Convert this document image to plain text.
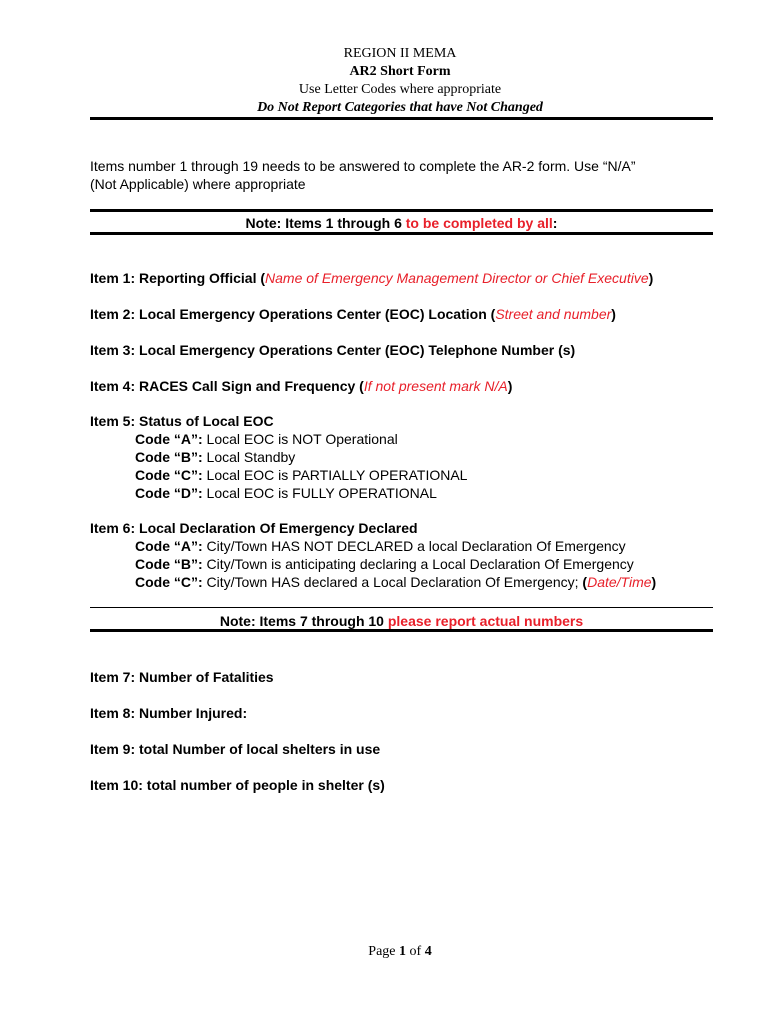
REGION II MEMA
AR2 Short Form
Use Letter Codes where appropriate
Do Not Report Categories that have Not Changed
Items number 1 through 19 needs to be answered to complete the AR-2 form. Use “N/A”
(Not Applicable) where appropriate
Note: Items 1 through 6 to be completed by all:
Item 1: Reporting Official (Name of Emergency Management Director or Chief Executive)
Item 2: Local Emergency Operations Center (EOC) Location (Street and number)
Item 3: Local Emergency Operations Center (EOC) Telephone Number (s)
Item 4: RACES Call Sign and Frequency (If not present mark N/A)
Item 5: Status of Local EOC
Code “A”: Local EOC is NOT Operational
Code “B”: Local Standby
Code “C”: Local EOC is PARTIALLY OPERATIONAL
Code “D”: Local EOC is FULLY OPERATIONAL
Item 6: Local Declaration Of Emergency Declared
Code “A”: City/Town HAS NOT DECLARED a local Declaration Of Emergency
Code “B”: City/Town is anticipating declaring a Local Declaration Of Emergency
Code “C”: City/Town HAS declared a Local Declaration Of Emergency; (Date/Time)
Note: Items 7 through 10 please report actual numbers
Item 7: Number of Fatalities
Item 8: Number Injured:
Item 9: total Number of local shelters in use
Item 10: total number of people in shelter (s)
Page 1 of 4
